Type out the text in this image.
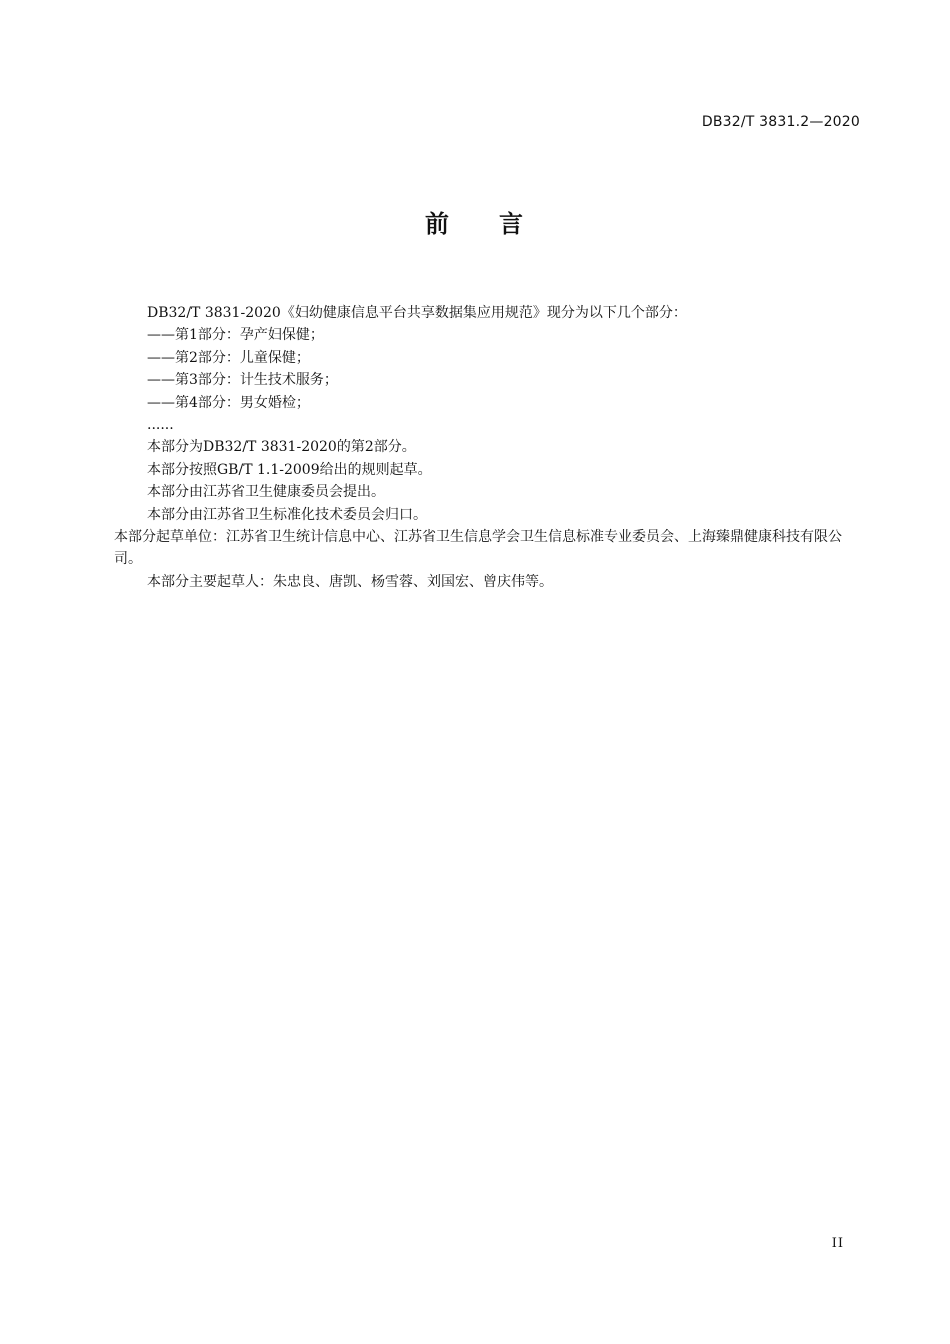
DB32/T 3831.2—2020
前 言
DB32/T 3831-2020《妇幼健康信息平台共享数据集应用规范》现分为以下几个部分：
——第1部分：孕产妇保健；
——第2部分：儿童保健；
——第3部分：计生技术服务；
——第4部分：男女婚检；
......
本部分为DB32/T 3831-2020的第2部分。
本部分按照GB/T 1.1-2009给出的规则起草。
本部分由江苏省卫生健康委员会提出。
本部分由江苏省卫生标准化技术委员会归口。
本部分起草单位：江苏省卫生统计信息中心、江苏省卫生信息学会卫生信息标准专业委员会、上海臻鼎健康科技有限公司。
本部分主要起草人：朱忠良、唐凯、杨雪蓉、刘国宏、曾庆伟等。
II
